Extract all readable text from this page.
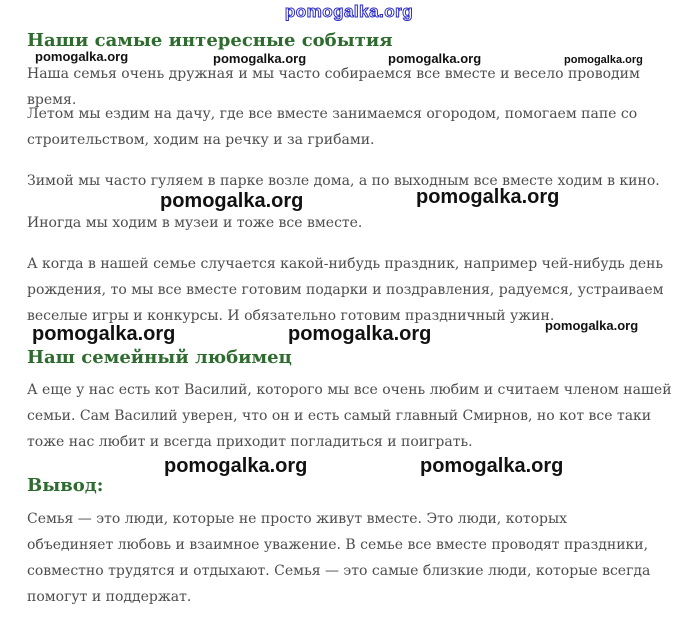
pomogalka.org
Наши самые интересные события

Наша семья очень дружная и мы часто собираемся все вместе и весело проводим время.

Летом мы ездим на дачу, где все вместе занимаемся огородом, помогаем папе со строительством, ходим на речку и за грибами.

Зимой мы часто гуляем в парке возле дома, а по выходным все вместе ходим в кино.

Иногда мы ходим в музеи и тоже все вместе.

А когда в нашей семье случается какой-нибудь праздник, например чей-нибудь день рождения, то мы все вместе готовим подарки и поздравления, радуемся, устраиваем веселые игры и конкурсы. И обязательно готовим праздничный ужин.

Наш семейный любимец

А еще у нас есть кот Василий, которого мы все очень любим и считаем членом нашей семьи. Сам Василий уверен, что он и есть самый главный Смирнов, но кот все таки тоже нас любит и всегда приходит погладиться и поиграть.

Вывод:

Семья — это люди, которые не просто живут вместе. Это люди, которых объединяет любовь и взаимное уважение. В семье все вместе проводят праздники, совместно трудятся и отдыхают. Семья — это самые близкие люди, которые всегда помогут и поддержат.

pomogalka.org	pomogalka.org	pomogalka.org	pomogalka.org
pomogalka.org	pomogalka.org
pomogalka.org	pomogalka.org	pomogalka.org
pomogalka.org	pomogalka.org
